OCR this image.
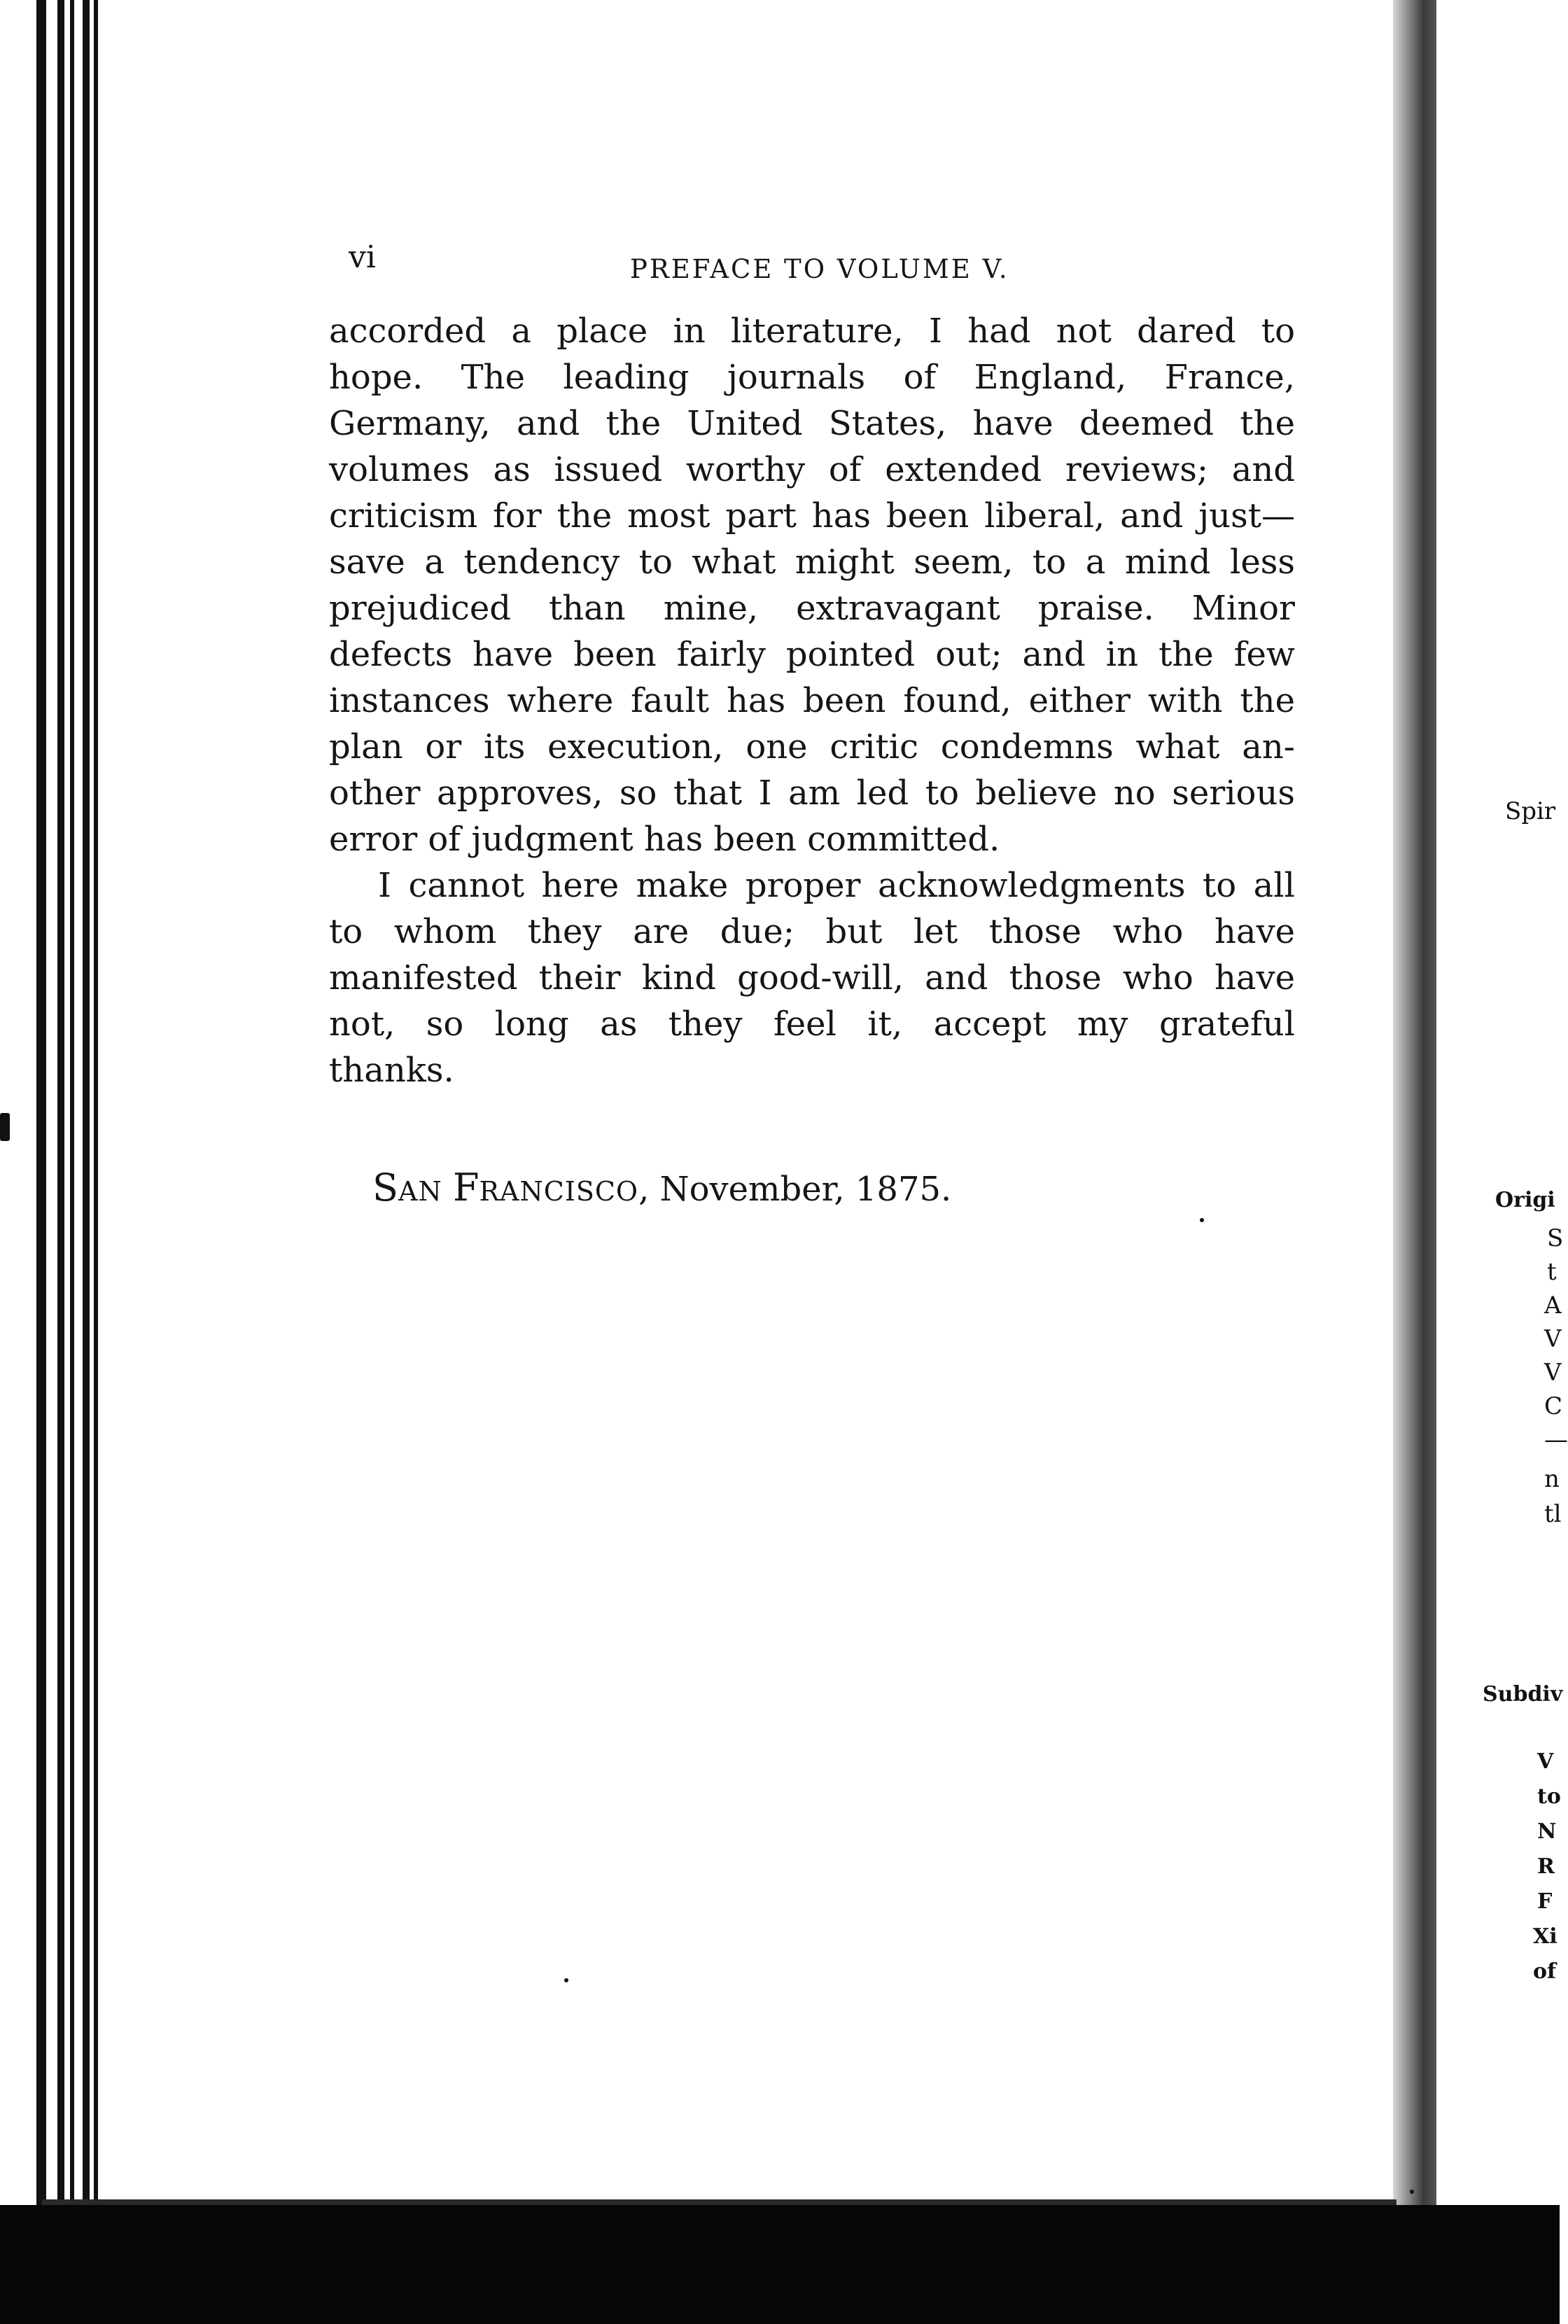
vi	PREFACE TO VOLUME V.
accorded a place in literature, I had not dared to
hope. The leading journals of England, France,
Germany, and the United States, have deemed the
volumes as issued worthy of extended reviews; and
criticism for the most part has been liberal, and just—
save a tendency to what might seem, to a mind less
prejudiced than mine, extravagant praise. Minor
defects have been fairly pointed out; and in the few
instances where fault has been found, either with the
plan or its execution, one critic condemns what an-
other approves, so that I am led to believe no serious
error of judgment has been committed.
I cannot here make proper acknowledgments to all
to whom they are due; but let those who have
manifested their kind good-will, and those who have
not, so long as they feel it, accept my grateful
thanks.
SAN FRANCISCO, November, 1875.
Spir
Origi
S
t
A
V
V
C
—
n
tl
Subdiv
V
to
N
R
F
Xi
of
